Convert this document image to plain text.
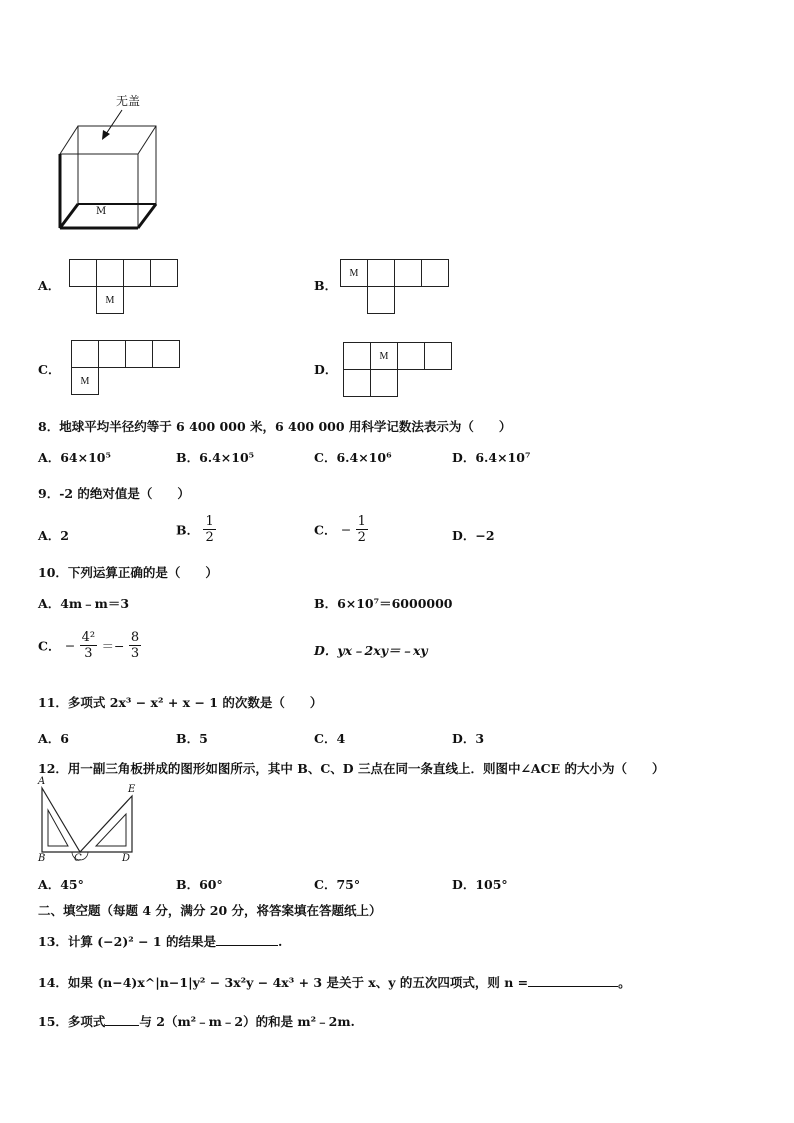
无盖
M
A．
M
B．
M
C．
M
D．
M
8．地球平均半径约等于 6 400 000 米，6 400 000 用科学记数法表示为（　　）
A．64×10⁵	B．6.4×10⁵	C．6.4×10⁶	D．6.4×10⁷
9．-2 的绝对值是（　　）
A．2	B． $\frac{1}{2}$	C． − $\frac{1}{2}$	D．−2
10．下列运算正确的是（　　）
A．4m﹣m＝3	B．6×10⁷＝6000000
C． − $\frac{\text{4²}}{3} =- \frac{8}{3}$	D．yx﹣2xy＝﹣xy
11．多项式 2x³ − x² + x − 1 的次数是（　　）
A．6	B．5	C．4	D．3
12．用一副三角板拼成的图形如图所示，其中 B、C、D 三点在同一条直线上．则图中∠ACE 的大小为（　　）
A
E
B	C	D
A．45°	B．60°	C．75°	D．105°
二、填空题（每题 4 分，满分 20 分，将答案填在答题纸上）
13．计算 (−2)² − 1 的结果是	.
14．如果 (n−4)x^|n−1|y² − 3x²y − 4x³ + 3 是关于 x、y 的五次四项式，则 n =	。
15．多项式	与 2（m²﹣m﹣2）的和是 m²﹣2m.
